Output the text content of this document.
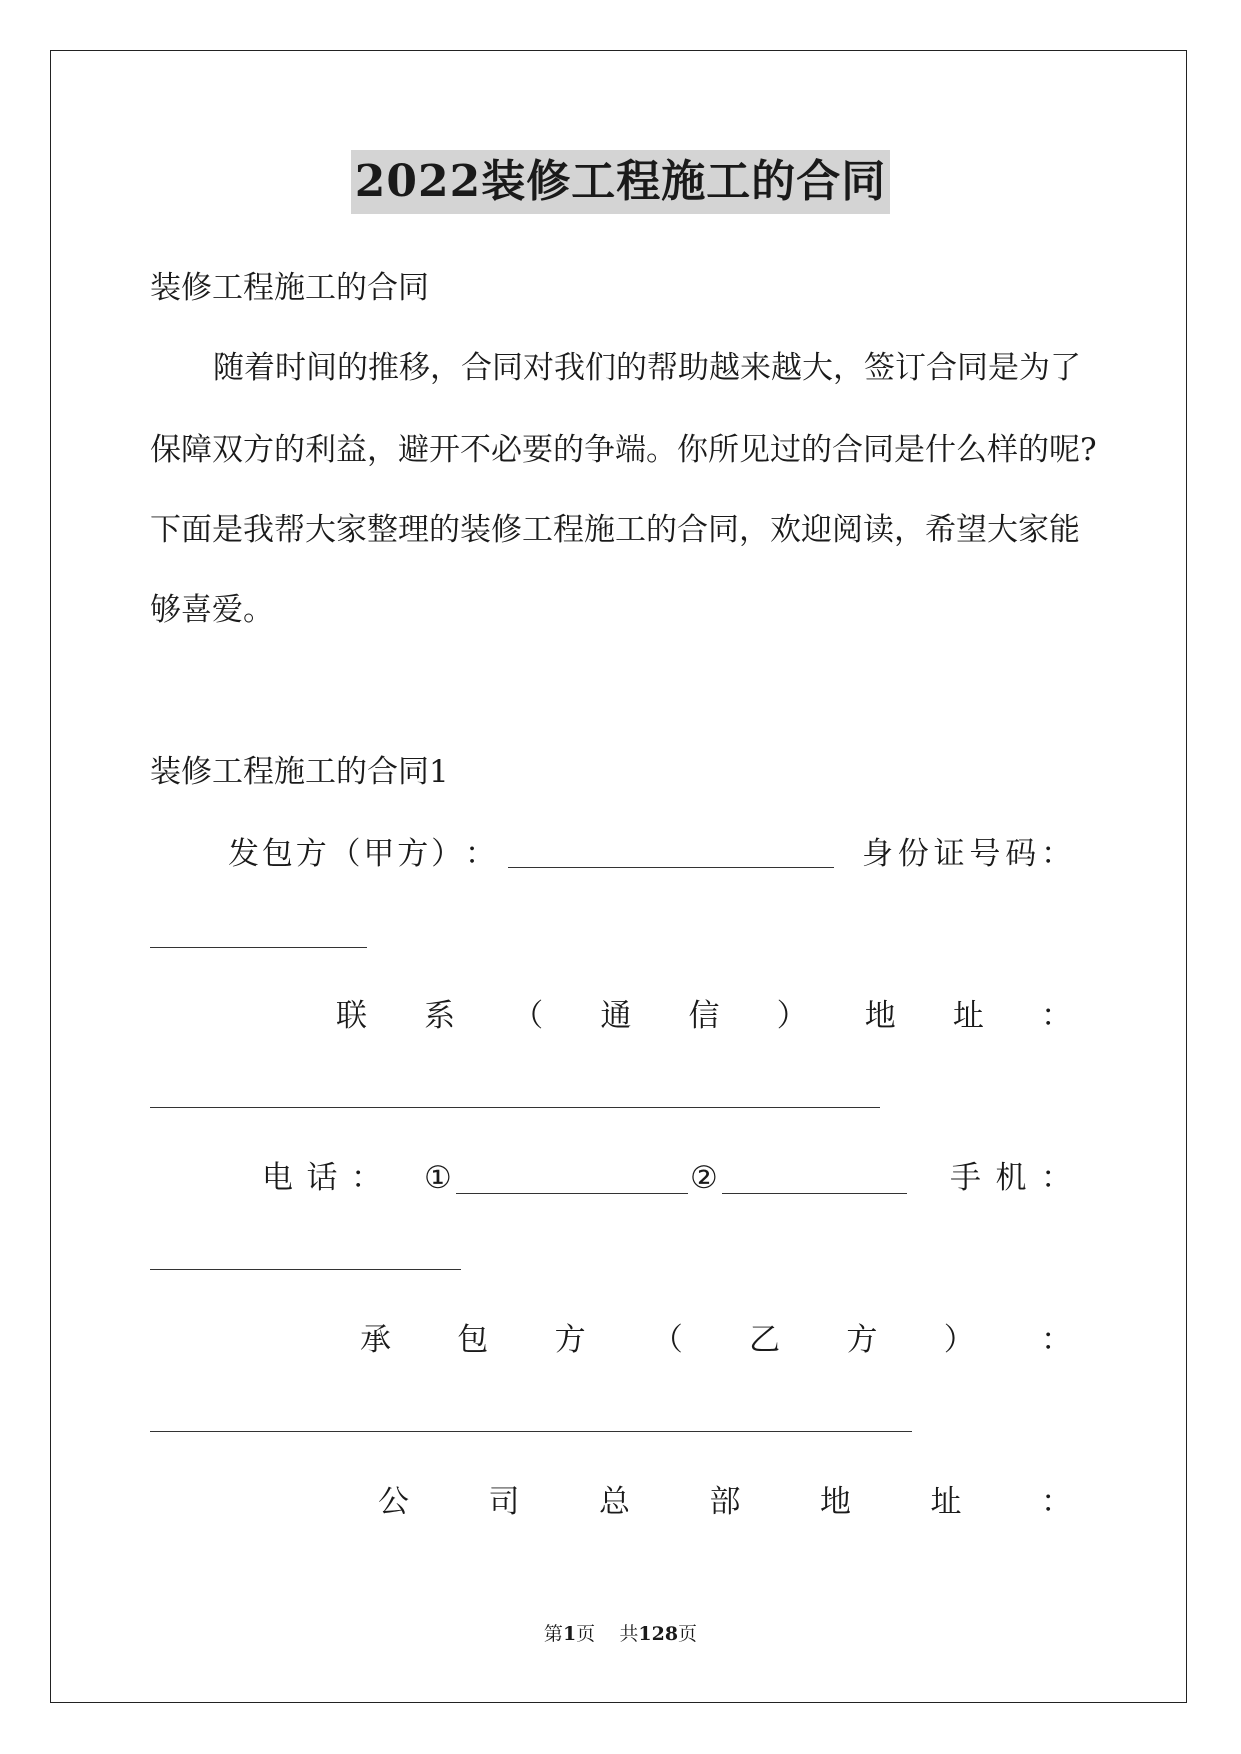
2022装修工程施工的合同
装修工程施工的合同
随着时间的推移，合同对我们的帮助越来越大，签订合同是为了
保障双方的利益，避开不必要的争端。你所见过的合同是什么样的呢?
下面是我帮大家整理的装修工程施工的合同，欢迎阅读，希望大家能
够喜爱。
装修工程施工的合同1
发 包 方 （ 甲 方 ） ：	身 份 证 号 码 ：
联 系 （ 通 信 ） 地 址 ：
电 话 ： ①	②	手 机 ：
承 包 方 （ 乙 方 ） ：
公	司	总	部	地	址	：
第1页 共128页
